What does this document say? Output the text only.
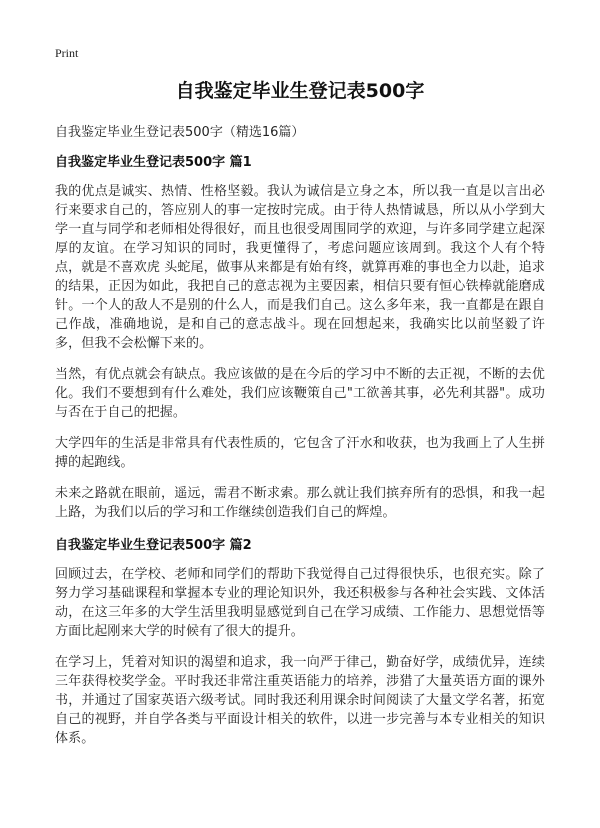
Print
自我鉴定毕业生登记表500字

自我鉴定毕业生登记表500字（精选16篇）

自我鉴定毕业生登记表500字 篇1

我的优点是诚实、热情、性格坚毅。我认为诚信是立身之本，所以我一直是以言出必行来要求自己的，答应别人的事一定按时完成。由于待人热情诚恳，所以从小学到大学一直与同学和老师相处得很好，而且也很受周围同学的欢迎，与许多同学建立起深厚的友谊。在学习知识的同时，我更懂得了，考虑问题应该周到。我这个人有个特点，就是不喜欢虎 头蛇尾，做事从来都是有始有终，就算再难的事也全力以赴，追求的结果，正因为如此，我把自己的意志视为主要因素，相信只要有恒心铁棒就能磨成针。一个人的敌人不是别的什么人，而是我们自己。这么多年来，我一直都是在跟自己作战，准确地说，是和自己的意志战斗。现在回想起来，我确实比以前坚毅了许多，但我不会松懈下来的。

当然，有优点就会有缺点。我应该做的是在今后的学习中不断的去正视，不断的去优化。我们不要想到有什么难处，我们应该鞭策自己"工欲善其事，必先利其器"。成功与否在于自己的把握。

大学四年的生活是非常具有代表性质的，它包含了汗水和收获，也为我画上了人生拼搏的起跑线。

未来之路就在眼前，遥远，需君不断求索。那么就让我们摈弃所有的恐惧，和我一起上路，为我们以后的学习和工作继续创造我们自己的辉煌。

自我鉴定毕业生登记表500字 篇2

回顾过去，在学校、老师和同学们的帮助下我觉得自己过得很快乐，也很充实。除了努力学习基础课程和掌握本专业的理论知识外，我还积极参与各种社会实践、文体活动，在这三年多的大学生活里我明显感觉到自己在学习成绩、工作能力、思想觉悟等方面比起刚来大学的时候有了很大的提升。

在学习上，凭着对知识的渴望和追求，我一向严于律己，勤奋好学，成绩优异，连续三年获得校奖学金。平时我还非常注重英语能力的培养，涉猎了大量英语方面的课外书，并通过了国家英语六级考试。同时我还利用课余时间阅读了大量文学名著，拓宽自己的视野，并自学各类与平面设计相关的软件，以进一步完善与本专业相关的知识体系。
